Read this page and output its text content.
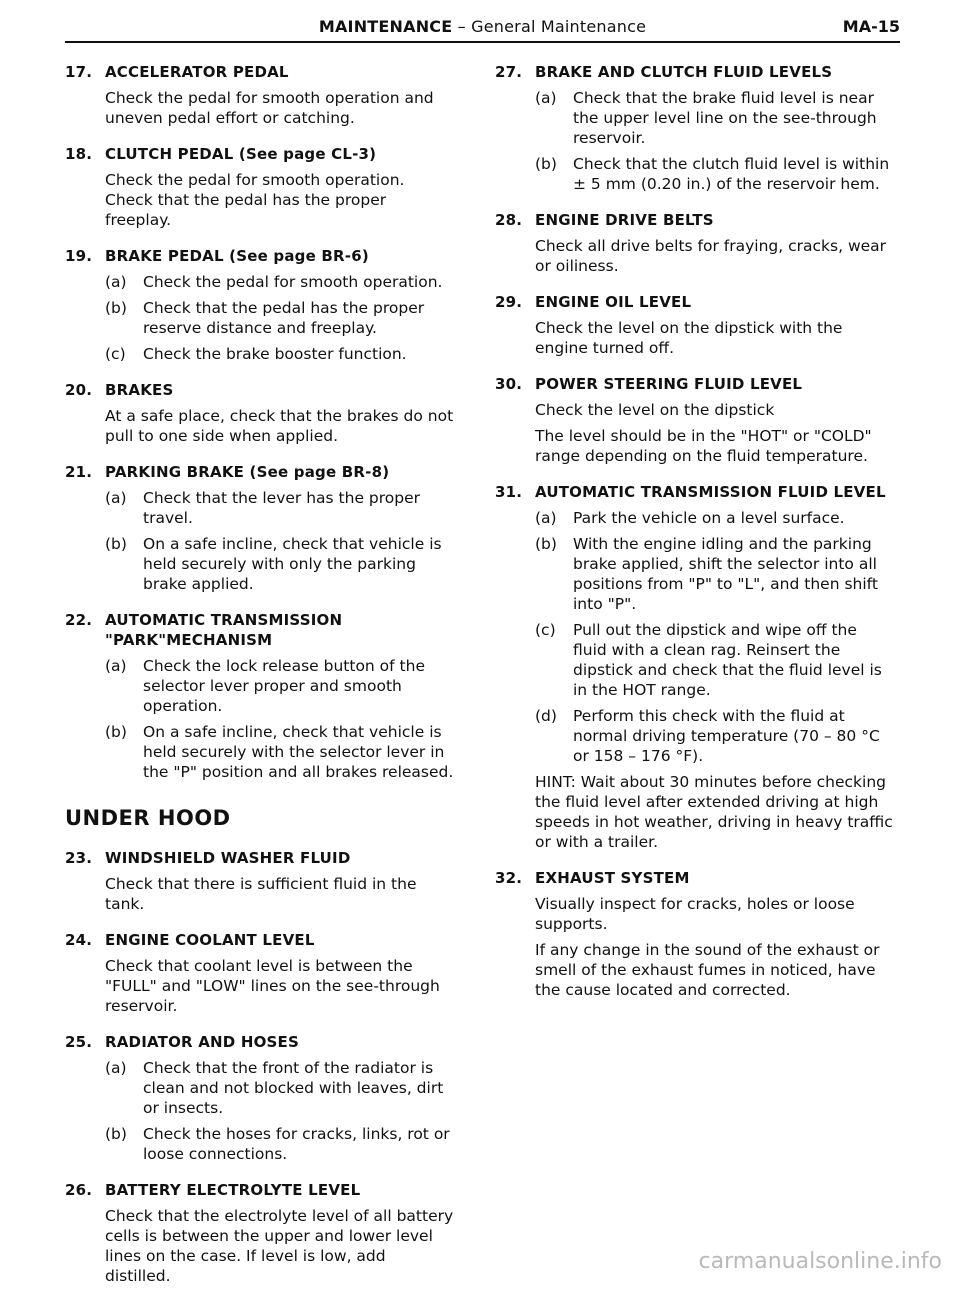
MAINTENANCE – General Maintenance	MA-15
17. ACCELERATOR PEDAL

Check the pedal for smooth operation and uneven pedal effort or catching.

18. CLUTCH PEDAL (See page CL-3)

Check the pedal for smooth operation. Check that the pedal has the proper freeplay.

19. BRAKE PEDAL (See page BR-6)
(a)	Check the pedal for smooth operation.
(b)	Check that the pedal has the proper reserve distance and freeplay.
(c)	Check the brake booster function.
20. BRAKES

At a safe place, check that the brakes do not pull to one side when applied.

21. PARKING BRAKE (See page BR-8)
(a)	Check that the lever has the proper travel.
(b)	On a safe incline, check that vehicle is held securely with only the parking brake applied.
22. AUTOMATIC TRANSMISSION "PARK"MECHANISM
(a)	Check the lock release button of the selector lever proper and smooth operation.
(b)	On a safe incline, check that vehicle is held securely with the selector lever in the "P" position and all brakes released.
UNDER HOOD
23. WINDSHIELD WASHER FLUID

Check that there is sufficient fluid in the tank.

24. ENGINE COOLANT LEVEL

Check that coolant level is between the "FULL" and "LOW" lines on the see-through reservoir.

25. RADIATOR AND HOSES
(a)	Check that the front of the radiator is clean and not blocked with leaves, dirt or insects.
(b)	Check the hoses for cracks, links, rot or loose connections.
26. BATTERY ELECTROLYTE LEVEL

Check that the electrolyte level of all battery cells is between the upper and lower level lines on the case. If level is low, add distilled.

27. BRAKE AND CLUTCH FLUID LEVELS
(a)	Check that the brake fluid level is near the upper level line on the see-through reservoir.
(b)	Check that the clutch fluid level is within ± 5 mm (0.20 in.) of the reservoir hem.
28. ENGINE DRIVE BELTS

Check all drive belts for fraying, cracks, wear or oiliness.

29. ENGINE OIL LEVEL

Check the level on the dipstick with the engine turned off.

30. POWER STEERING FLUID LEVEL

Check the level on the dipstick

The level should be in the "HOT" or "COLD" range depending on the fluid temperature.

31. AUTOMATIC TRANSMISSION FLUID LEVEL
(a)	Park the vehicle on a level surface.
(b)	With the engine idling and the parking brake applied, shift the selector into all positions from "P" to "L", and then shift into "P".
(c)	Pull out the dipstick and wipe off the fluid with a clean rag. Reinsert the dipstick and check that the fluid level is in the HOT range.
(d)	Perform this check with the fluid at normal driving temperature (70 – 80 °C or 158 – 176 °F).

HINT: Wait about 30 minutes before checking the fluid level after extended driving at high speeds in hot weather, driving in heavy traffic or with a trailer.

32. EXHAUST SYSTEM

Visually inspect for cracks, holes or loose supports.

If any change in the sound of the exhaust or smell of the exhaust fumes in noticed, have the cause located and corrected.

carmanualsonline.info
